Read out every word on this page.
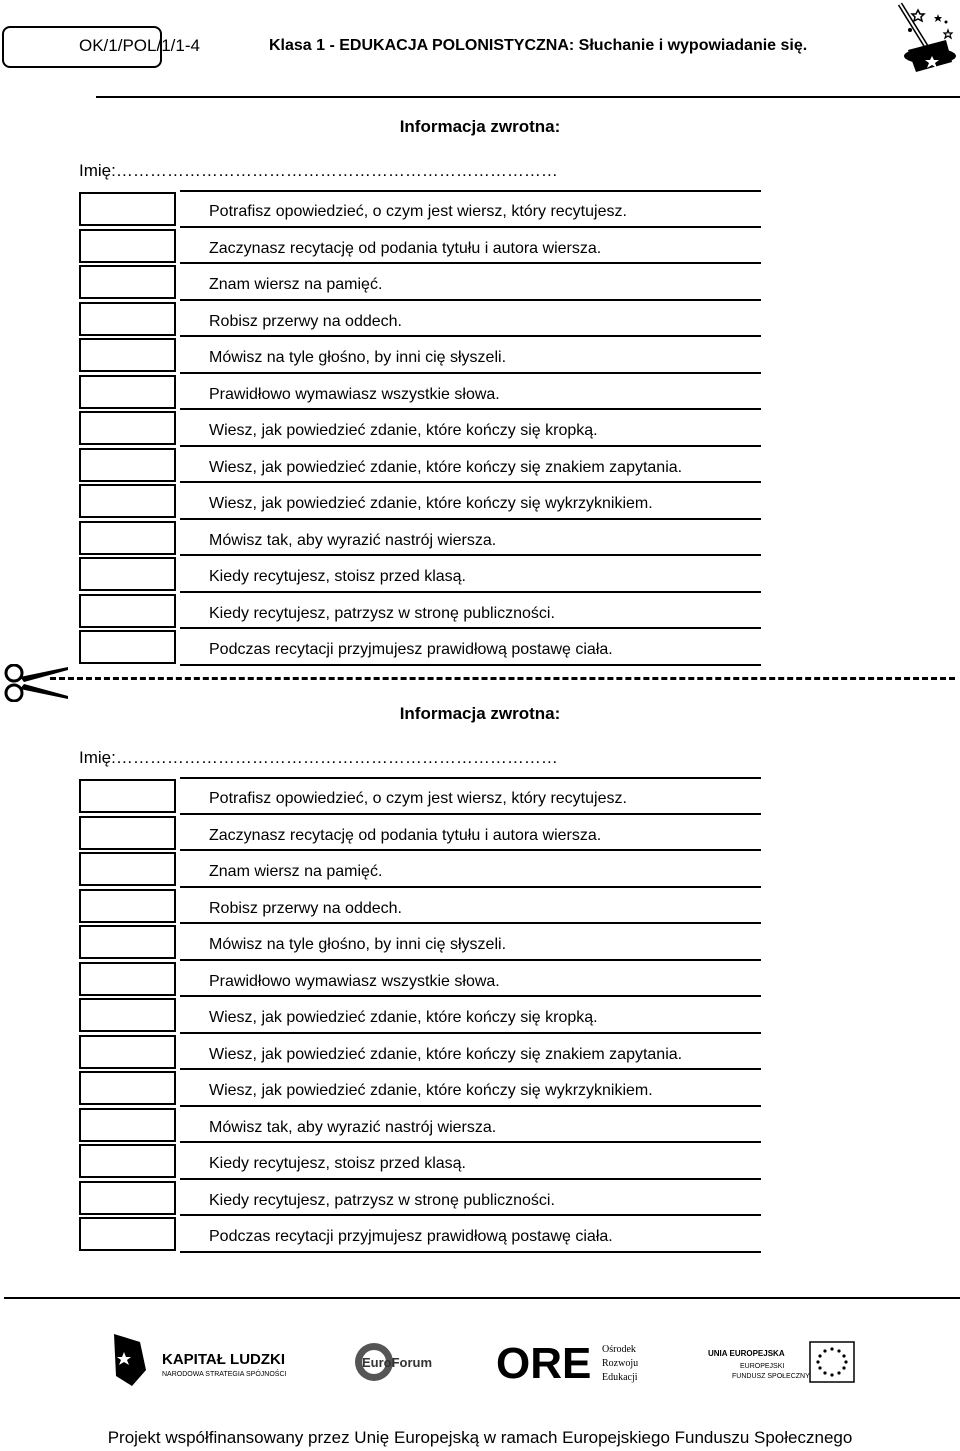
OK/1/POL/1/1-4	Klasa 1 - EDUKACJA POLONISTYCZNA: Słuchanie i wypowiadanie się.
Informacja zwrotna:
Imię:……………………………………………………………………
Potrafisz opowiedzieć, o czym jest wiersz, który recytujesz.
Zaczynasz recytację od podania tytułu i autora wiersza.
Znam wiersz na pamięć.
Robisz przerwy na oddech.
Mówisz na tyle głośno, by inni cię słyszeli.
Prawidłowo wymawiasz wszystkie słowa.
Wiesz, jak powiedzieć zdanie, które kończy się kropką.
Wiesz, jak powiedzieć zdanie, które kończy się znakiem zapytania.
Wiesz, jak powiedzieć zdanie, które kończy się wykrzyknikiem.
Mówisz tak, aby wyrazić nastrój wiersza.
Kiedy recytujesz, stoisz przed klasą.
Kiedy recytujesz, patrzysz w stronę publiczności.
Podczas recytacji przyjmujesz prawidłową postawę ciała.
Informacja zwrotna:
Imię:……………………………………………………………………
Potrafisz opowiedzieć, o czym jest wiersz, który recytujesz.
Zaczynasz recytację od podania tytułu i autora wiersza.
Znam wiersz na pamięć.
Robisz przerwy na oddech.
Mówisz na tyle głośno, by inni cię słyszeli.
Prawidłowo wymawiasz wszystkie słowa.
Wiesz, jak powiedzieć zdanie, które kończy się kropką.
Wiesz, jak powiedzieć zdanie, które kończy się znakiem zapytania.
Wiesz, jak powiedzieć zdanie, które kończy się wykrzyknikiem.
Mówisz tak, aby wyrazić nastrój wiersza.
Kiedy recytujesz, stoisz przed klasą.
Kiedy recytujesz, patrzysz w stronę publiczności.
Podczas recytacji przyjmujesz prawidłową postawę ciała.
KAPITAŁ LUDZKI
NARODOWA STRATEGIA SPÓJNOŚCI
EuroForum ORE Ośrodek
Rozwoju
Edukacji
UNIA EUROPEJSKA
EUROPEJSKI
FUNDUSZ SPOŁECZNY
Projekt współfinansowany przez Unię Europejską w ramach Europejskiego Funduszu Społecznego
